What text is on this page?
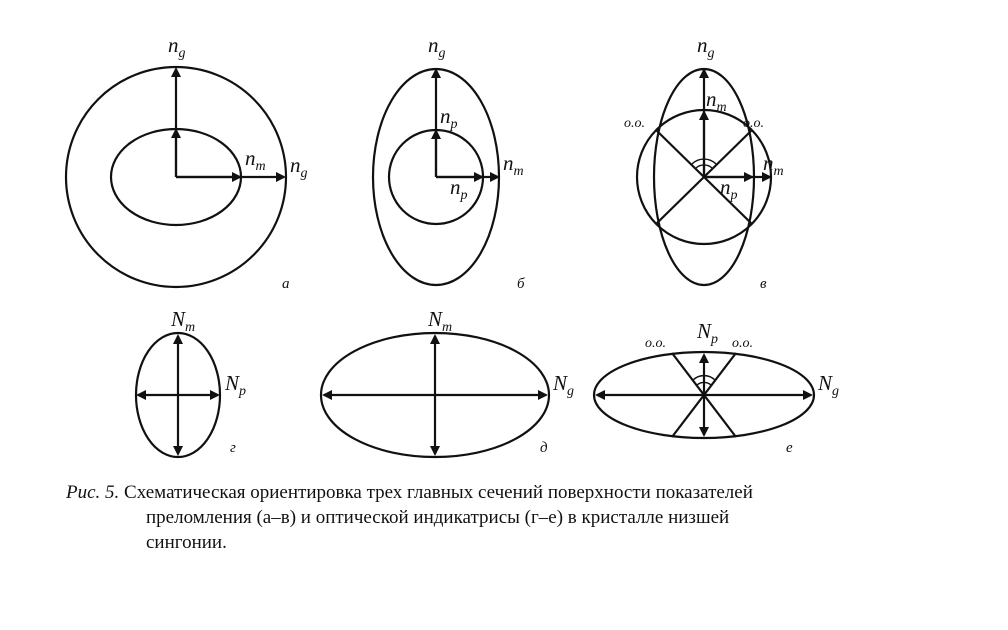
$n_g$
$n_m$ $n_g$
а
$n_g$
$n_p$
$n_p$
$n_m$
б
$n_g$
$n_m$
$n_m$
$n_p$
o.o.	o.o.
в
$N_m$
$N_p$
г
$N_m$
$N_g$
д
$N_p$
$N_g$
o.o.	o.o.
е
Рис. 5. Схематическая ориентировка трех главных сечений поверхности показателей
преломления (а–в) и оптической индикатрисы (г–е) в кристалле низшей
сингонии.
